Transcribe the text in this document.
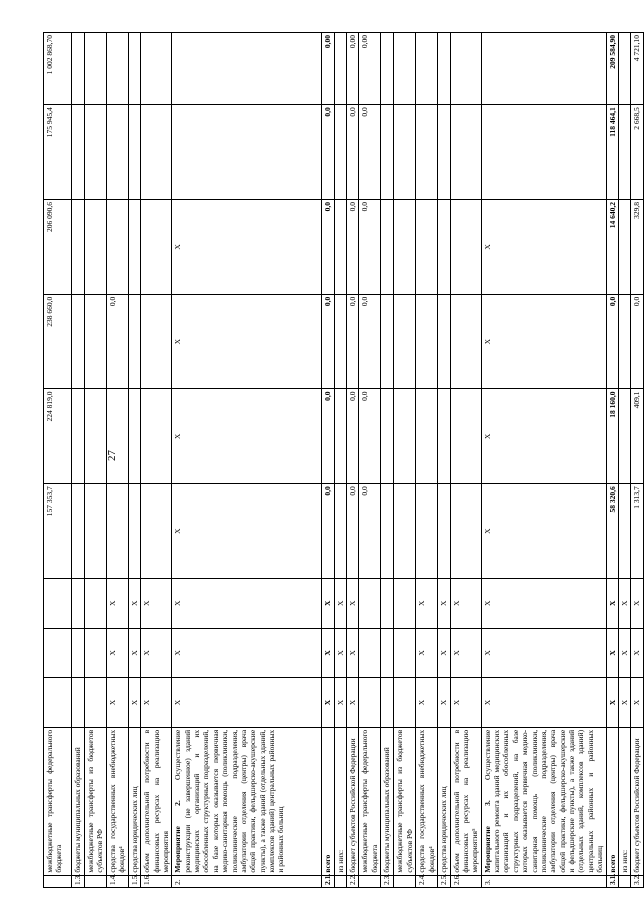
27
	межбюджетные трансферты федерального бюджета				157 353,7	224 819,0	238 660,0	206 090,6	175 945,4	1 002 868,70
1.3.	бюджеты муниципальных образований									
	межбюджетные трансферты из бюджетов субъектов РФ									
1.4.	средства государственных внебюджетных фондов⁴	X	X	X			0,0			
1.5.	средства юридических лиц	X	X	X						
1.6.	объем дополнительной потребности в финансовых ресурсах на реализацию мероприятия	X	X	X						
2.	Мероприятие 2. Осуществление реконструкции (не завершенное) зданий медицинских организаций и их обособленных структурных подразделений, на базе которых оказывается первичная медико-санитарная помощь (поликлиники, поликлинические подразделения, амбулатории отделения (центры) врача общей практики, фельдшерско-акушерские пункты), а также зданий (отдельных зданий, комплексов зданий) центральных районных и районных больниц	X	X	X	X	X	X	X		
2.1.	всего	X	X	X	0,0	0,0	0,0	0,0	0,0	0,00
	из них:	X	X	X						
2.2.	бюджет субъектов Российской Федерации	X	X	X	0,0	0,0	0,0	0,0	0,0	0,00
	межбюджетные трансферты федерального бюджета				0,0	0,0	0,0	0,0	0,0	0,00
2.3.	бюджеты муниципальных образований									
	межбюджетные трансферты из бюджетов субъектов РФ									
2.4.	средства государственных внебюджетных фондов⁴	X	X	X						
2.5.	средства юридических лиц	X	X	X						
2.6.	объем дополнительной потребности в финансовых ресурсах на реализацию мероприятия⁵	X	X	X						
3.	Мероприятие 3. Осуществление капитального ремонта зданий медицинских организаций и их обособленных структурных подразделений, на базе которых оказывается первичная медико-санитарная помощь (поликлиники, поликлинические подразделения, амбулатории отделения (центры) врача общей практики, фельдшерско-акушерские и фельдшерские пункты), а также зданий (отдельных зданий, комплексов зданий) центральных районных и районных больниц	X	X	X	X	X	X	X		
3.1.	всего	X	X	X	58 320,6	18 160,0	0,0	14 640,2	118 464,1	209 584,90
	из них:	X	X	X						
3.2.	бюджет субъектов Российской Федерации	X	X	X	1 313,7	409,1	0,0	329,8	2 668,5	4 721,10
